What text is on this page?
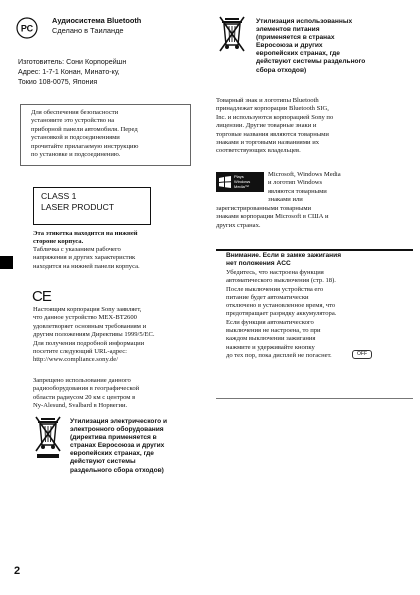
РС
Аудиосистема Bluetooth
Сделано в Таиланде
Изготовитель: Сони Корпорейшн
Адрес: 1-7-1 Конан, Минато-ку,
Токио 108-0075, Япония
Для обеспечения безопасности
установите это устройство на
приборной панели автомобиля. Перед
установкой и подсоединениями
прочитайте прилагаемую инструкцию
по установке и подсоединению.
CLASS 1
LASER PRODUCT
Эта этикетка находится на нижней
стороне корпуса.
Табличка с указанием рабочего
напряжения и других характеристик
находится на нижней панели корпуса.
CE
Настоящим корпорация Sony заявляет,
что данное устройство MEX-BT2600
удовлетворяет основным требованиям и
другим положениям Директивы 1999/5/EC.
Для получения подробной информации
посетите следующий URL-адрес:
http://www.compliance.sony.de/
Запрещено использование данного
радиооборудования в географической
области радиусом 20 км с центром в
Ny-Alesund, Svalbard в Норвегии.
Утилизация электрического и
электронного оборудования
(директива применяется в
странах Евросоюза и других
европейских странах, где
действуют системы
раздельного сбора отходов)
2
Утилизация использованных
элементов питания
(применяется в странах
Евросоюза и других
европейских странах, где
действуют системы раздельного
сбора отходов)
Товарный знак и логотипы Bluetooth
принадлежат корпорации Bluetooth SIG,
Inc. и используются корпорацией Sony по
лицензии. Другие товарные знаки и
торговые названия являются товарными
знаками и торговыми названиями их
соответствующих владельцев.
Plays Windows Media™
Microsoft, Windows Media
и логотип Windows
являются товарными
знаками или
зарегистрированными товарными
знаками корпорации Microsoft в США и
других странах.
Внимание. Если в замке зажигания
нет положения ACC
Убедитесь, что настроена функция
автоматического выключения (стр. 18).
После выключения устройства его
питание будет автоматически
отключено в установленное время, что
предотвращает разрядку аккумулятора.
Если функция автоматического
выключения не настроена, то при
каждом выключении зажигания
нажмите и удерживайте кнопку
до тех пор, пока дисплей не погаснет.	OFF
